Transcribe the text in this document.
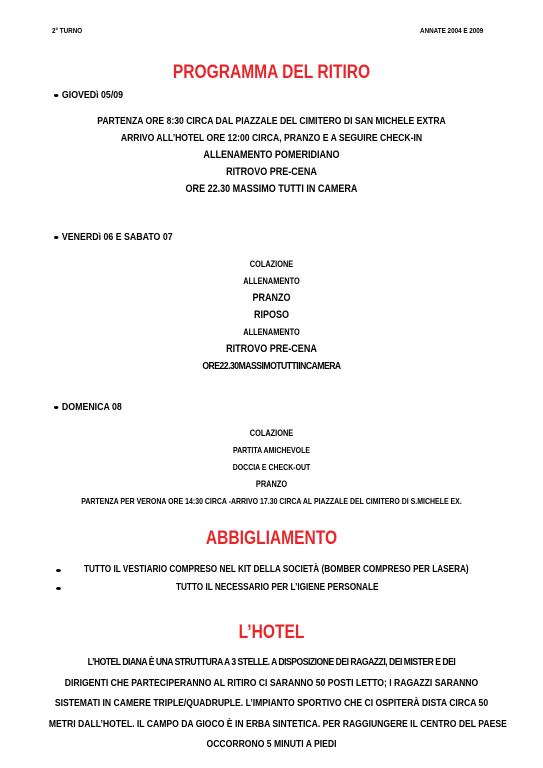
2° TURNO	ANNATE 2004 E 2009
PROGRAMMA DEL RITIRO
GIOVEDì 05/09
PARTENZA ORE 8:30 CIRCA DAL PIAZZALE DEL CIMITERO DI SAN MICHELE EXTRA
ARRIVO ALL’HOTEL ORE 12:00 CIRCA, PRANZO E A SEGUIRE CHECK-IN
ALLENAMENTO POMERIDIANO
RITROVO PRE-CENA
ORE 22.30 MASSIMO TUTTI IN CAMERA
VENERDì 06 E SABATO 07
COLAZIONE
ALLENAMENTO
PRANZO
RIPOSO
ALLENAMENTO
RITROVO PRE-CENA
ORE22.30MASSIMOTUTTIINCAMERA
DOMENICA 08
COLAZIONE
PARTITA AMICHEVOLE
DOCCIA E CHECK-OUT
PRANZO
PARTENZA PER VERONA ORE 14:30 CIRCA -ARRIVO 17.30 CIRCA AL PIAZZALE DEL CIMITERO DI S.MICHELE EX.
ABBIGLIAMENTO
TUTTO IL VESTIARIO COMPRESO NEL KIT DELLA SOCIETÀ (BOMBER COMPRESO PER LASERA)
TUTTO IL NECESSARIO PER L’IGIENE PERSONALE
L’HOTEL
L’HOTEL DIANA È UNA STRUTTURA A 3 STELLE. A DISPOSIZIONE DEI RAGAZZI, DEI MISTER E DEI
DIRIGENTI CHE PARTECIPERANNO AL RITIRO CI SARANNO 50 POSTI LETTO; I RAGAZZI SARANNO
SISTEMATI IN CAMERE TRIPLE/QUADRUPLE. L’IMPIANTO SPORTIVO CHE CI OSPITERÀ DISTA CIRCA 50
METRI DALL’HOTEL. IL CAMPO DA GIOCO È IN ERBA SINTETICA. PER RAGGIUNGERE IL CENTRO DEL PAESE
OCCORRONO 5 MINUTI A PIEDI
